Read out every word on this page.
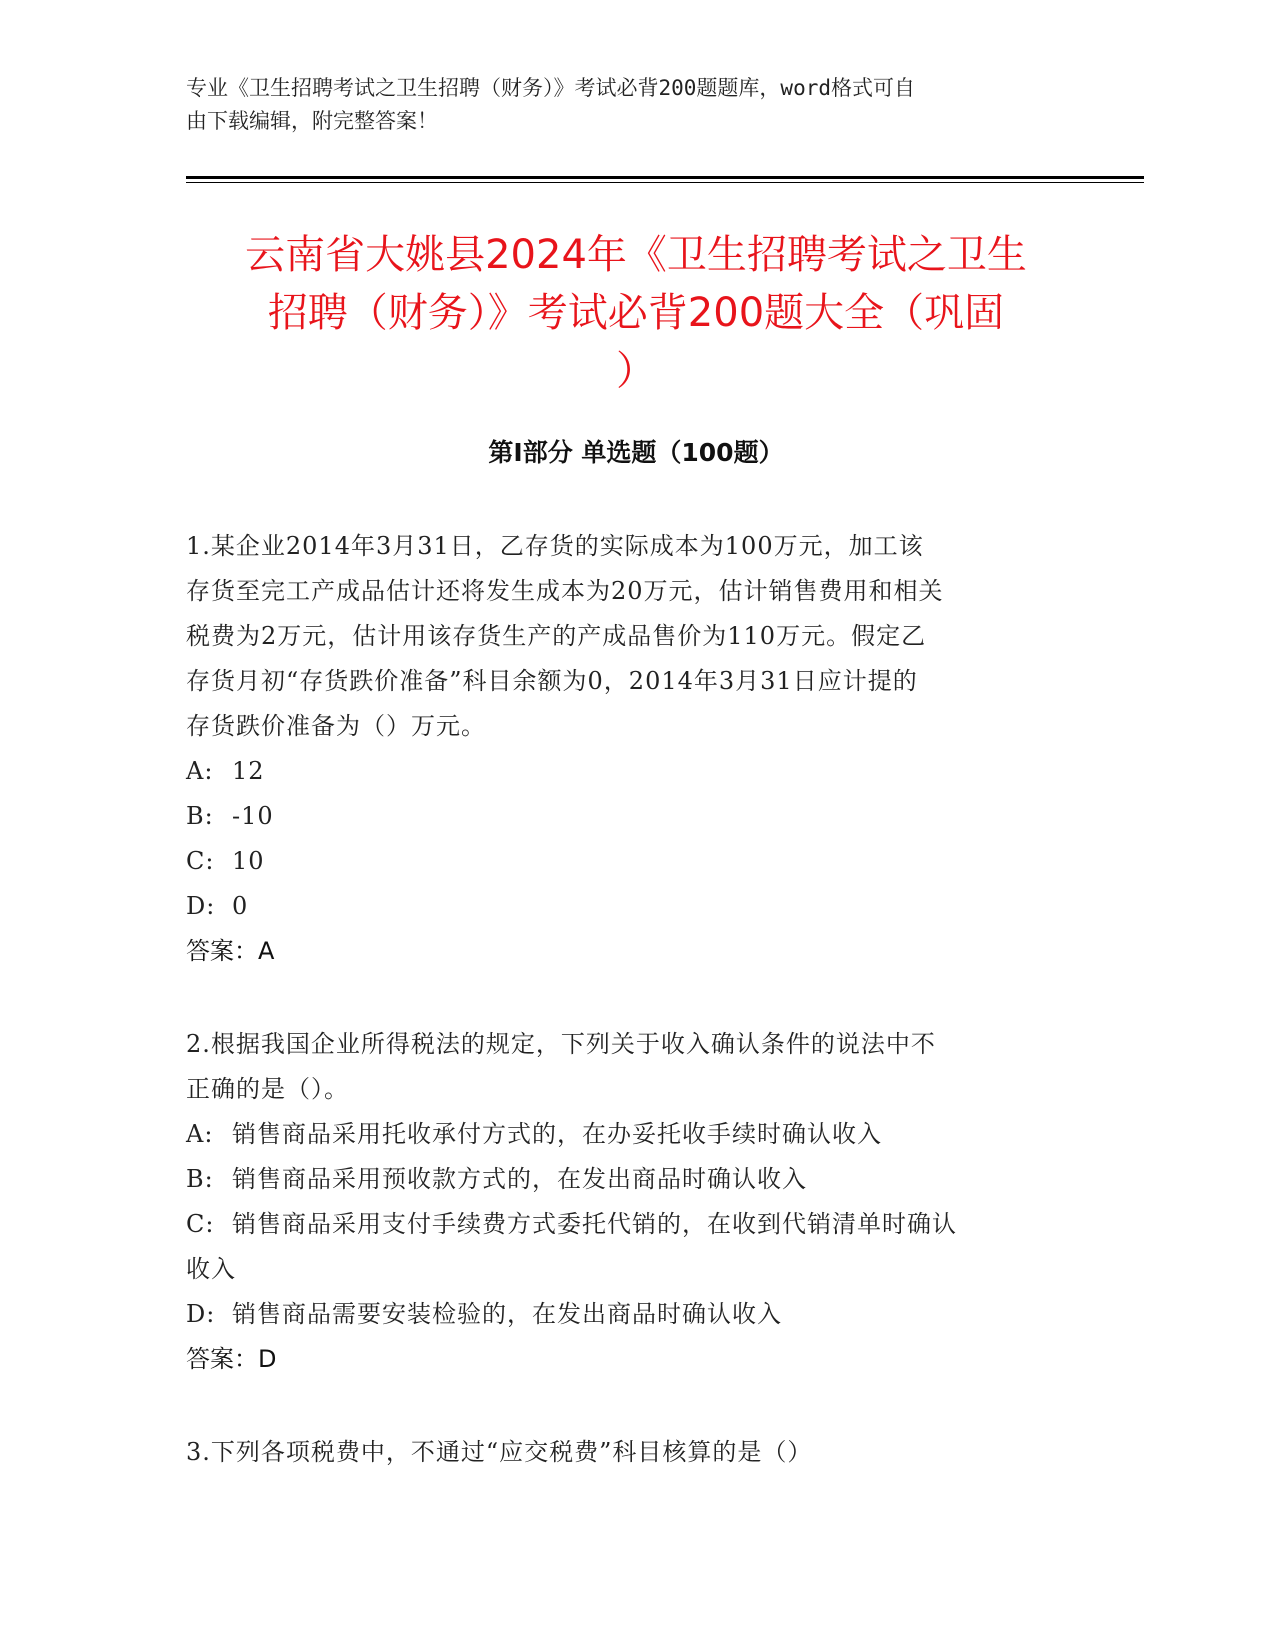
专业《卫生招聘考试之卫生招聘（财务）》考试必背200题题库，word格式可自
由下载编辑，附完整答案！
云南省大姚县2024年《卫生招聘考试之卫生
招聘（财务）》考试必背200题大全（巩固
）
第I部分 单选题（100题）
1.某企业2014年3月31日，乙存货的实际成本为100万元，加工该
存货至完工产成品估计还将发生成本为20万元，估计销售费用和相关
税费为2万元，估计用该存货生产的产成品售价为110万元。假定乙
存货月初“存货跌价准备”科目余额为0，2014年3月31日应计提的
存货跌价准备为（）万元。
A: 12
B: -10
C: 10
D: 0
答案：A
2.根据我国企业所得税法的规定，下列关于收入确认条件的说法中不
正确的是（）。
A: 销售商品采用托收承付方式的，在办妥托收手续时确认收入
B: 销售商品采用预收款方式的，在发出商品时确认收入
C: 销售商品采用支付手续费方式委托代销的，在收到代销清单时确认
收入
D: 销售商品需要安装检验的，在发出商品时确认收入
答案：D
3.下列各项税费中，不通过“应交税费”科目核算的是（）
